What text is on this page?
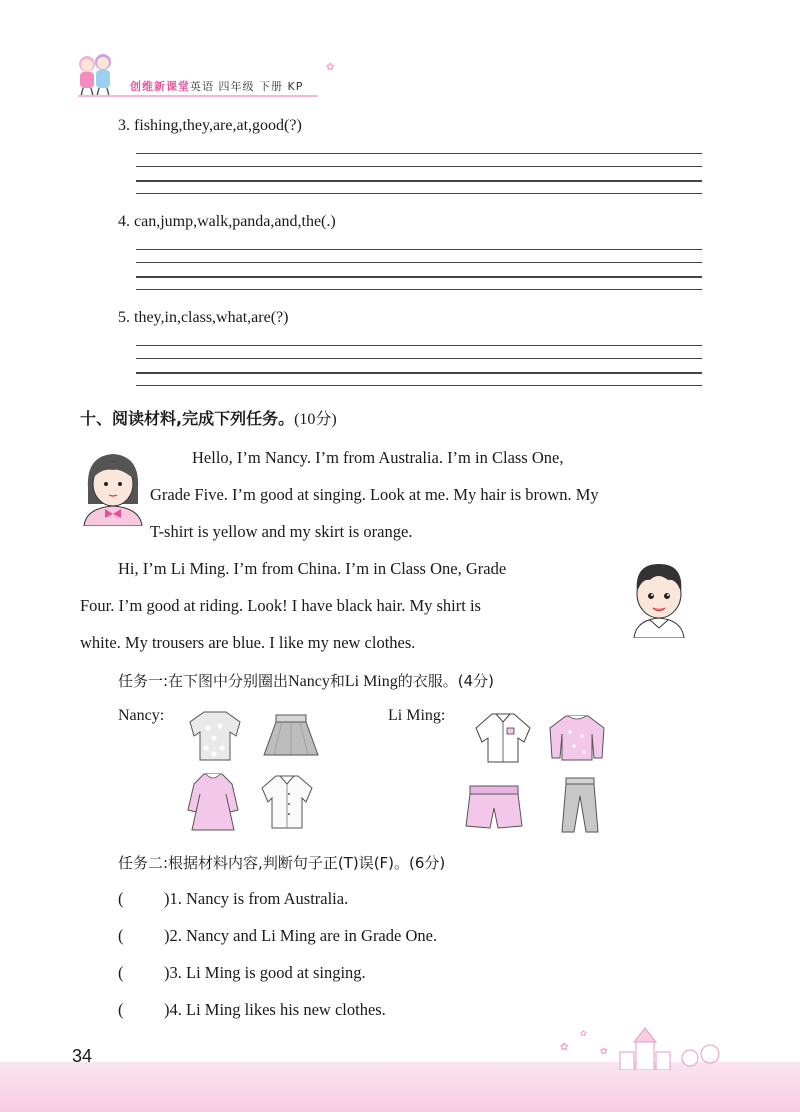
创维新课堂 英语 四年级 下册 KP
✿
3. fishing,they,are,at,good(?)
4. can,jump,walk,panda,and,the(.)
5. they,in,class,what,are(?)
十、阅读材料,完成下列任务。(10分)
Hello, I’m Nancy. I’m from Australia. I’m in Class One,
Grade Five. I’m good at singing. Look at me. My hair is brown. My
T-shirt is yellow and my skirt is orange.
Hi, I’m Li Ming. I’m from China. I’m in Class One, Grade
Four. I’m good at riding. Look! I have black hair. My shirt is
white. My trousers are blue. I like my new clothes.
任务一:在下图中分别圈出Nancy和Li Ming的衣服。(4分)
Nancy:	Li Ming:
任务二:根据材料内容,判断句子正(T)误(F)。(6分)
( )1. Nancy is from Australia.
( )2. Nancy and Li Ming are in Grade One.
( )3. Li Ming is good at singing.
( )4. Li Ming likes his new clothes.
34	✿
✿
✿
